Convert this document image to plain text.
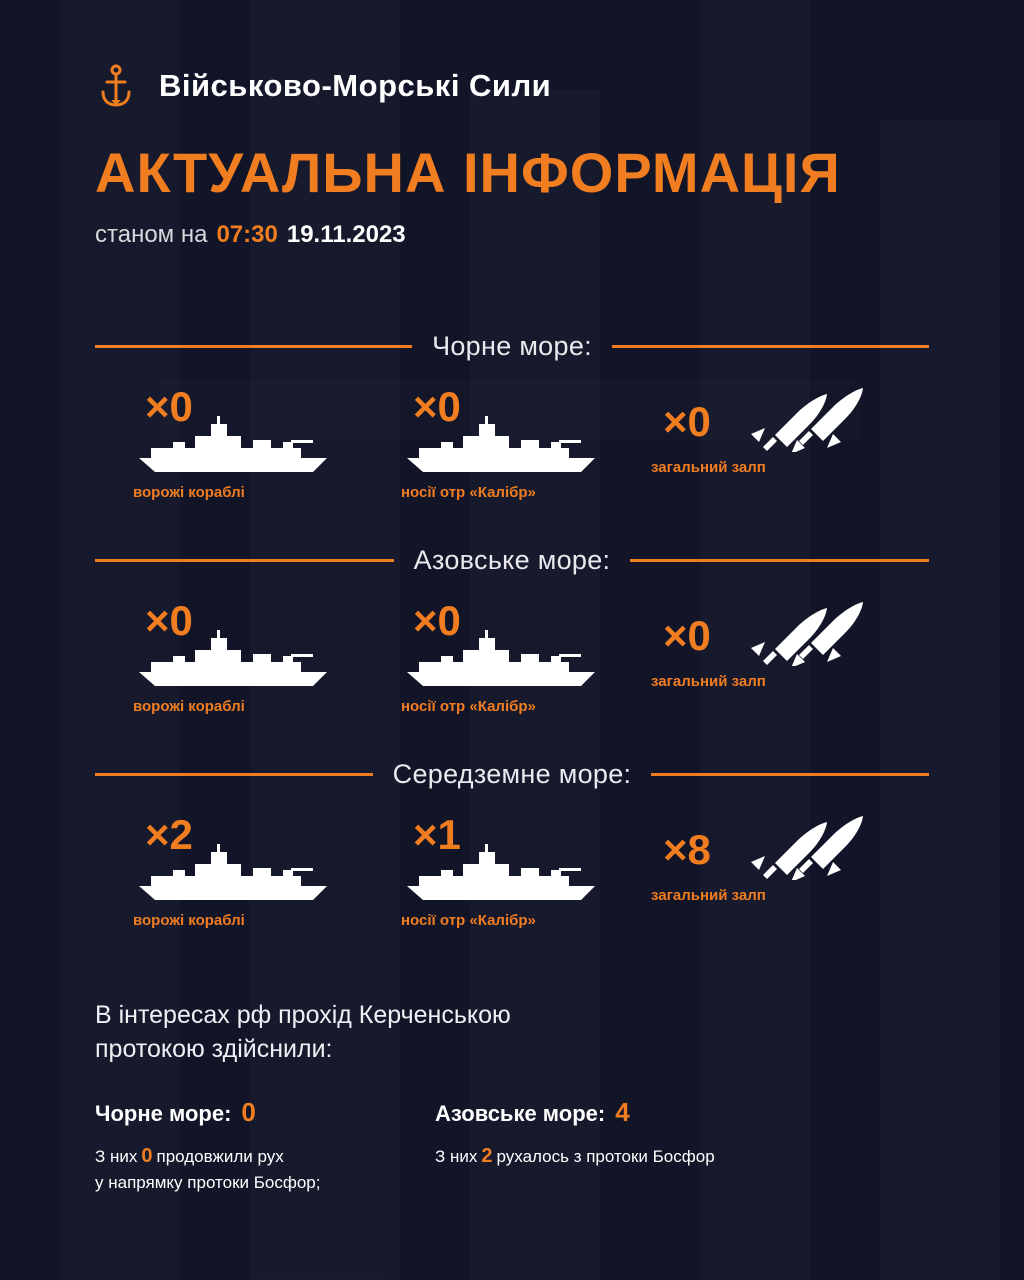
Військово-Морські Сили
АКТУАЛЬНА ІНФОРМАЦІЯ
станом на 07:30 19.11.2023
Чорне море:
×0
ворожі кораблі
×0
носії отр «Калібр»
×0
загальний залп
Азовське море:
×0
ворожі кораблі
×0
носії отр «Калібр»
×0
загальний залп
Середземне море:
×2
ворожі кораблі
×1
носії отр «Калібр»
×8
загальний залп
В інтересах рф прохід Керченською
протокою здійснили:
Чорне море: 0
З них 0 продовжили рух
у напрямку протоки Босфор;
Азовське море: 4
З них 2 рухалось з протоки Босфор
